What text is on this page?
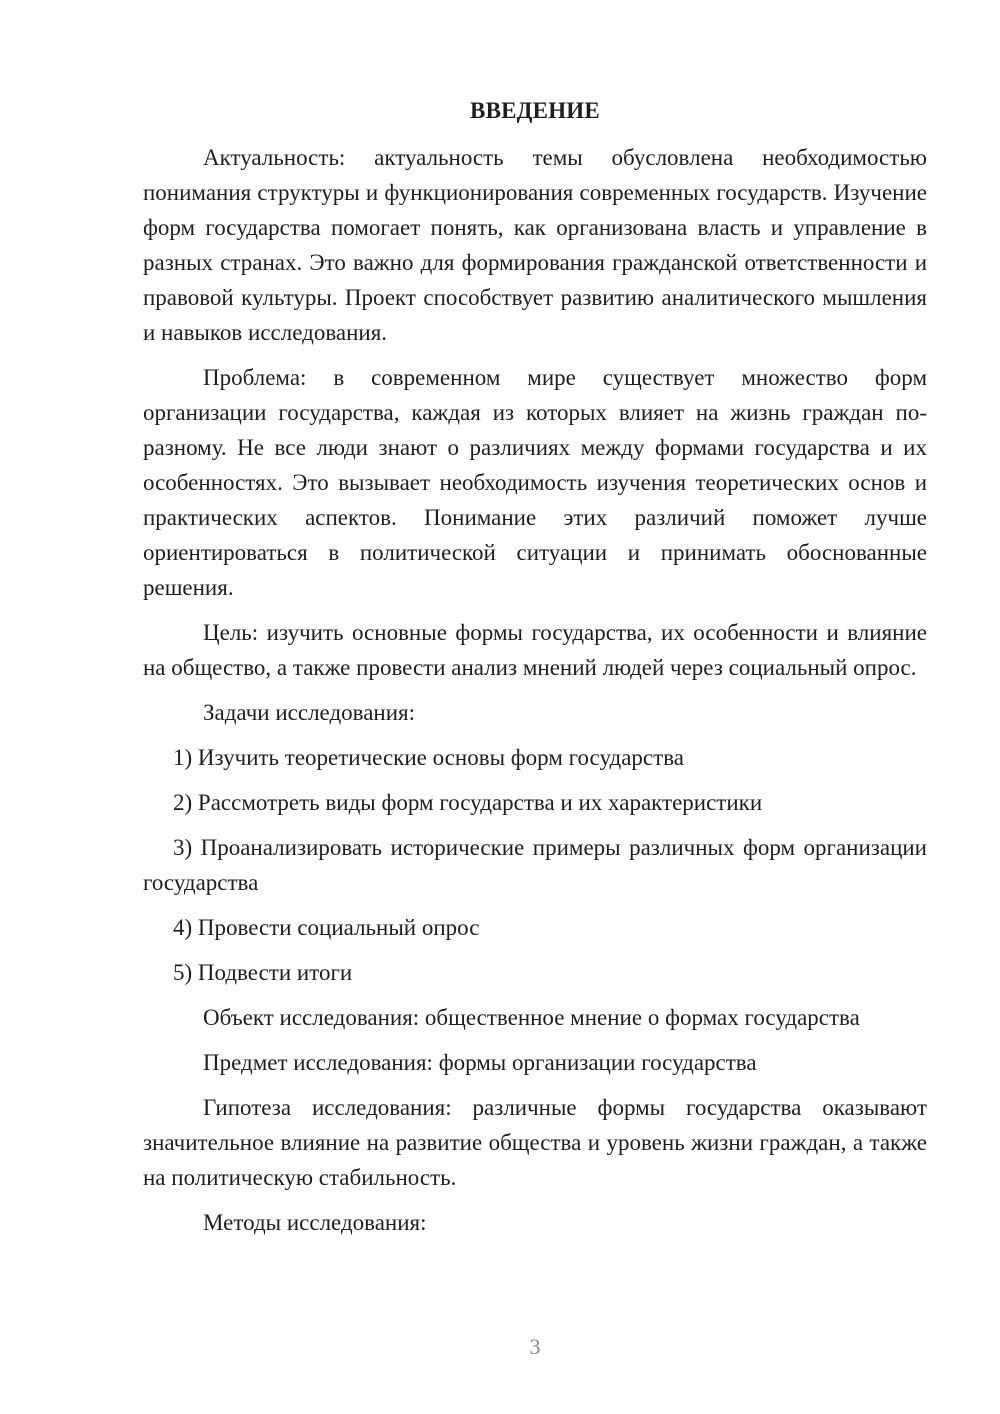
ВВЕДЕНИЕ

Актуальность: актуальность темы обусловлена необходимостью понимания структуры и функционирования современных государств. Изучение форм государства помогает понять, как организована власть и управление в разных странах. Это важно для формирования гражданской ответственности и правовой культуры. Проект способствует развитию аналитического мышления и навыков исследования.

Проблема: в современном мире существует множество форм организации государства, каждая из которых влияет на жизнь граждан по-разному. Не все люди знают о различиях между формами государства и их особенностях. Это вызывает необходимость изучения теоретических основ и практических аспектов. Понимание этих различий поможет лучше ориентироваться в политической ситуации и принимать обоснованные решения.

Цель: изучить основные формы государства, их особенности и влияние на общество, а также провести анализ мнений людей через социальный опрос.

Задачи исследования:

1) Изучить теоретические основы форм государства

2) Рассмотреть виды форм государства и их характеристики

3) Проанализировать исторические примеры различных форм организации государства

4) Провести социальный опрос

5) Подвести итоги

Объект исследования: общественное мнение о формах государства

Предмет исследования: формы организации государства

Гипотеза исследования: различные формы государства оказывают значительное влияние на развитие общества и уровень жизни граждан, а также на политическую стабильность.

Методы исследования:

3
